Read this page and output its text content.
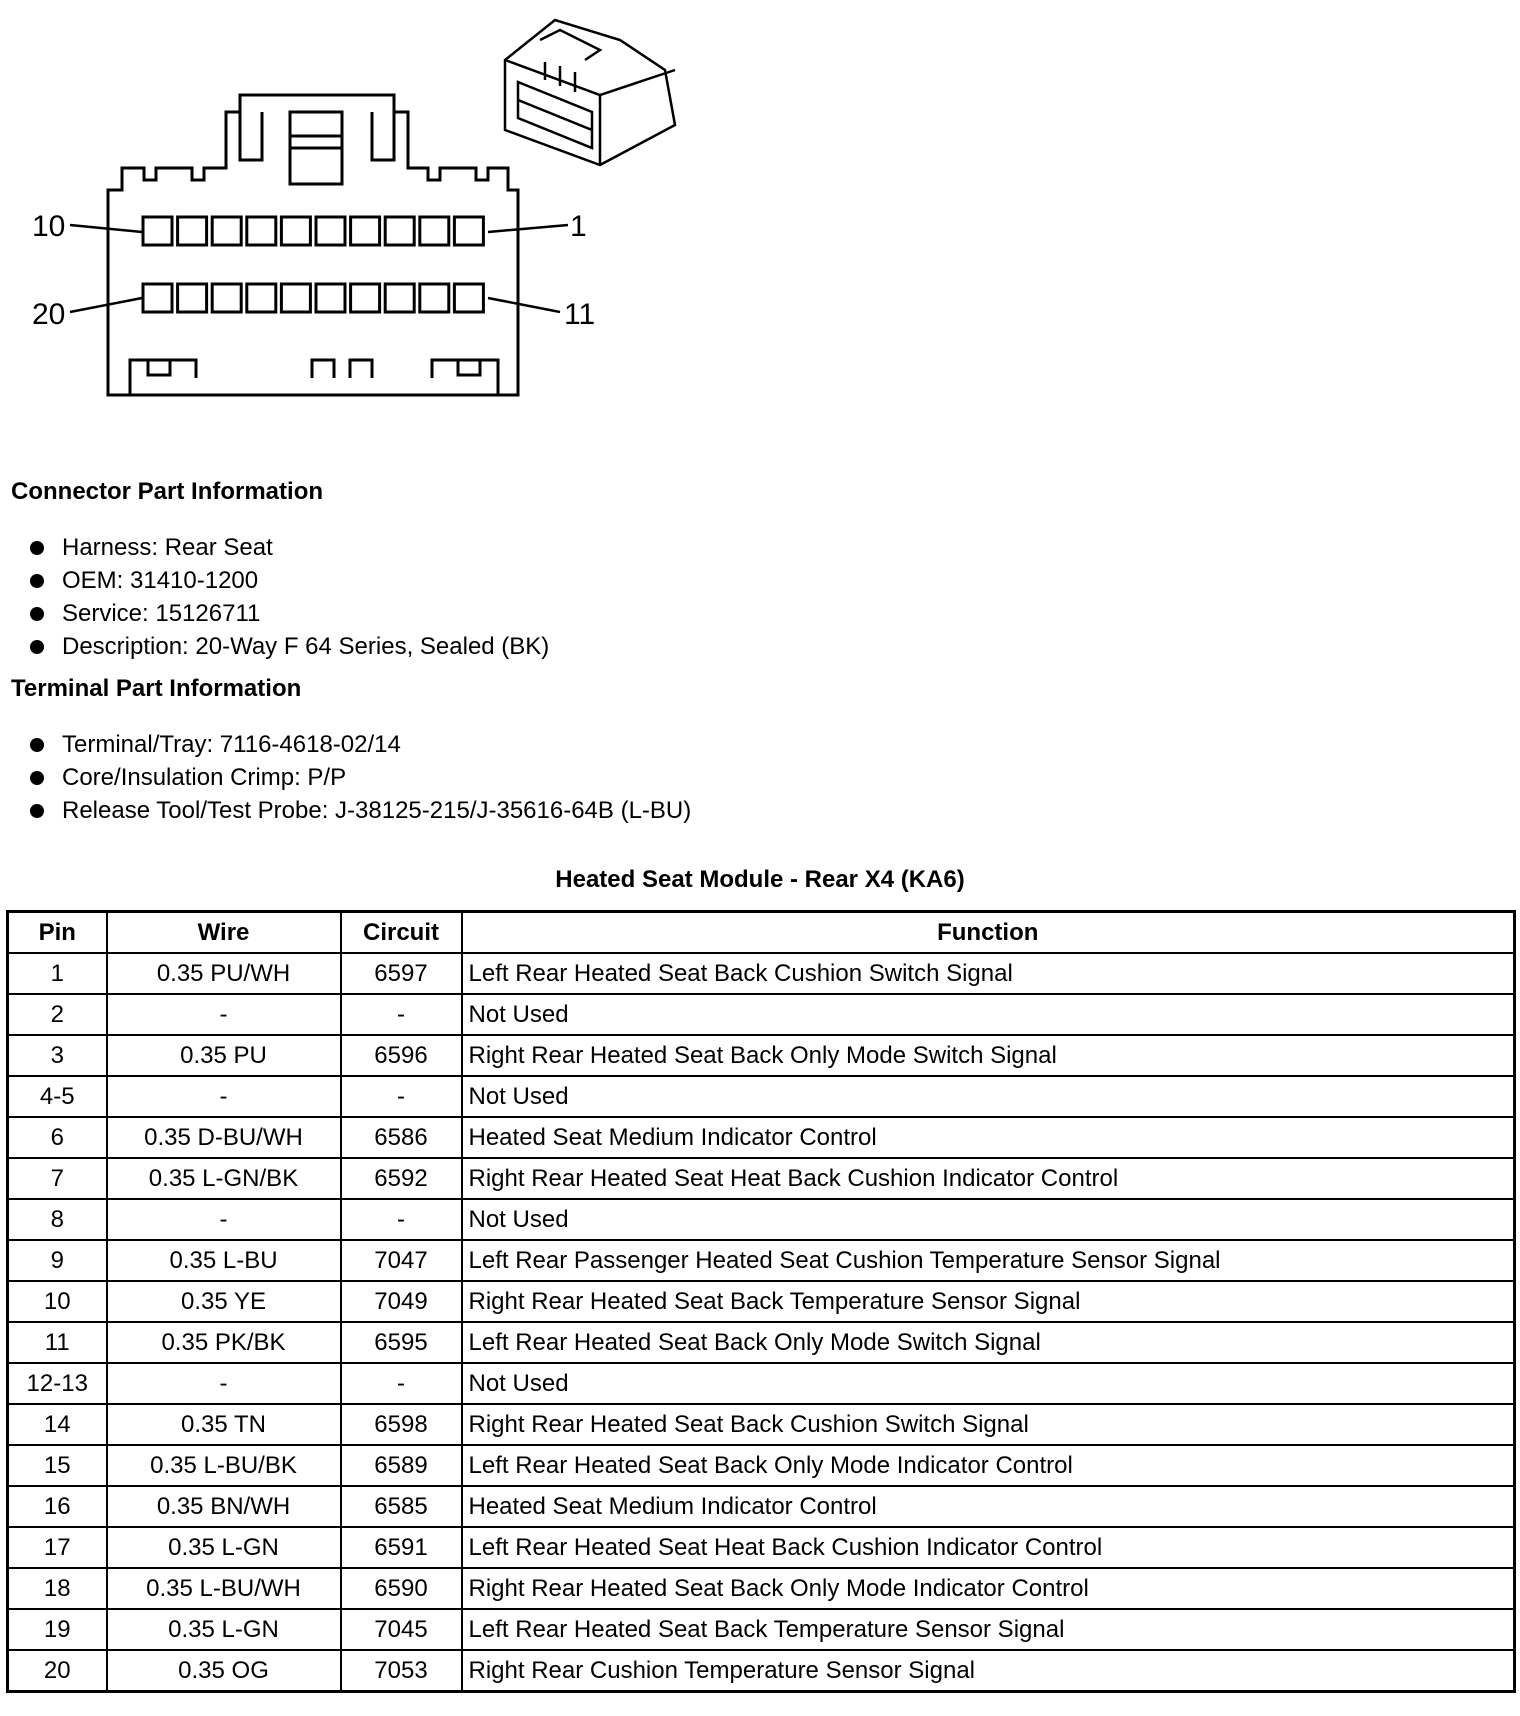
10	1
20	11
Connector Part Information
Harness: Rear Seat
OEM: 31410-1200
Service: 15126711
Description: 20-Way F 64 Series, Sealed (BK)
Terminal Part Information
Terminal/Tray: 7116-4618-02/14
Core/Insulation Crimp: P/P
Release Tool/Test Probe: J-38125-215/J-35616-64B (L-BU)
Heated Seat Module - Rear X4 (KA6)
Pin	Wire	Circuit	Function
1	0.35 PU/WH	6597	Left Rear Heated Seat Back Cushion Switch Signal
2	-	-	Not Used
3	0.35 PU	6596	Right Rear Heated Seat Back Only Mode Switch Signal
4-5	-	-	Not Used
6	0.35 D-BU/WH	6586	Heated Seat Medium Indicator Control
7	0.35 L-GN/BK	6592	Right Rear Heated Seat Heat Back Cushion Indicator Control
8	-	-	Not Used
9	0.35 L-BU	7047	Left Rear Passenger Heated Seat Cushion Temperature Sensor Signal
10	0.35 YE	7049	Right Rear Heated Seat Back Temperature Sensor Signal
11	0.35 PK/BK	6595	Left Rear Heated Seat Back Only Mode Switch Signal
12-13	-	-	Not Used
14	0.35 TN	6598	Right Rear Heated Seat Back Cushion Switch Signal
15	0.35 L-BU/BK	6589	Left Rear Heated Seat Back Only Mode Indicator Control
16	0.35 BN/WH	6585	Heated Seat Medium Indicator Control
17	0.35 L-GN	6591	Left Rear Heated Seat Heat Back Cushion Indicator Control
18	0.35 L-BU/WH	6590	Right Rear Heated Seat Back Only Mode Indicator Control
19	0.35 L-GN	7045	Left Rear Heated Seat Back Temperature Sensor Signal
20	0.35 OG	7053	Right Rear Cushion Temperature Sensor Signal
